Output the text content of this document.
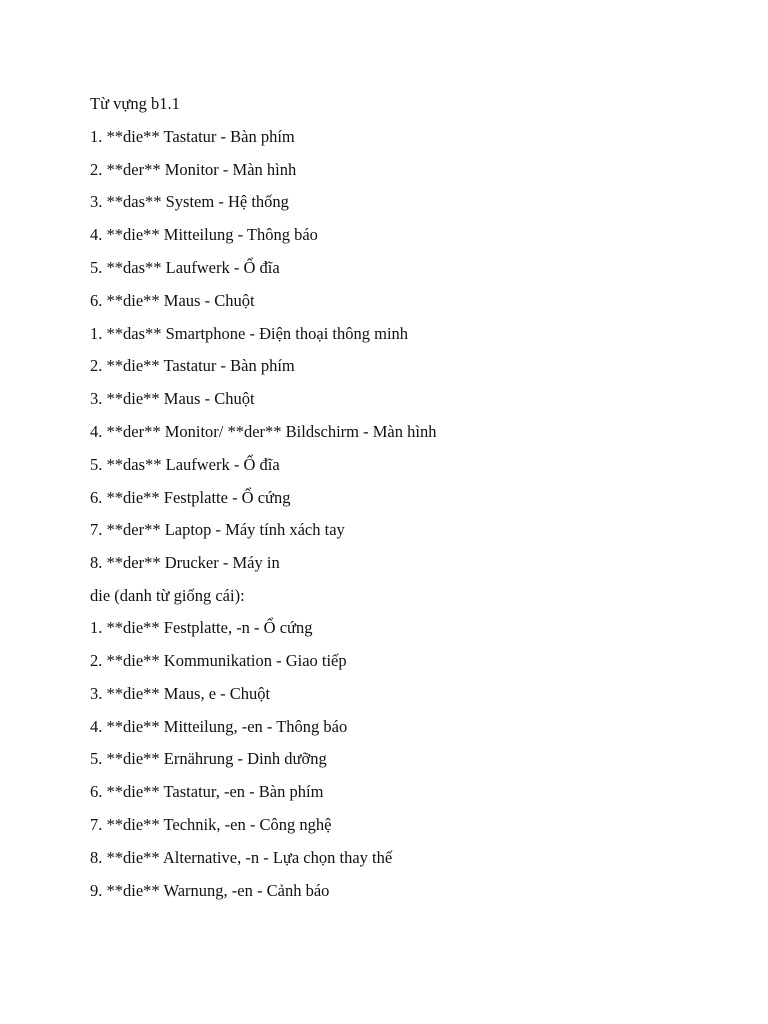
Từ vựng b1.1
1. **die** Tastatur - Bàn phím
2. **der** Monitor - Màn hình
3. **das** System - Hệ thống
4. **die** Mitteilung - Thông báo
5. **das** Laufwerk - Ổ đĩa
6. **die** Maus - Chuột
1. **das** Smartphone - Điện thoại thông minh
2. **die** Tastatur - Bàn phím
3. **die** Maus - Chuột
4. **der** Monitor/ **der** Bildschirm - Màn hình
5. **das** Laufwerk - Ổ đĩa
6. **die** Festplatte - Ổ cứng
7. **der** Laptop - Máy tính xách tay
8. **der** Drucker - Máy in
die (danh từ giống cái):
1. **die** Festplatte, -n - Ổ cứng
2. **die** Kommunikation - Giao tiếp
3. **die** Maus, e - Chuột
4. **die** Mitteilung, -en - Thông báo
5. **die** Ernährung - Dinh dưỡng
6. **die** Tastatur, -en - Bàn phím
7. **die** Technik, -en - Công nghệ
8. **die** Alternative, -n - Lựa chọn thay thế
9. **die** Warnung, -en - Cảnh báo
